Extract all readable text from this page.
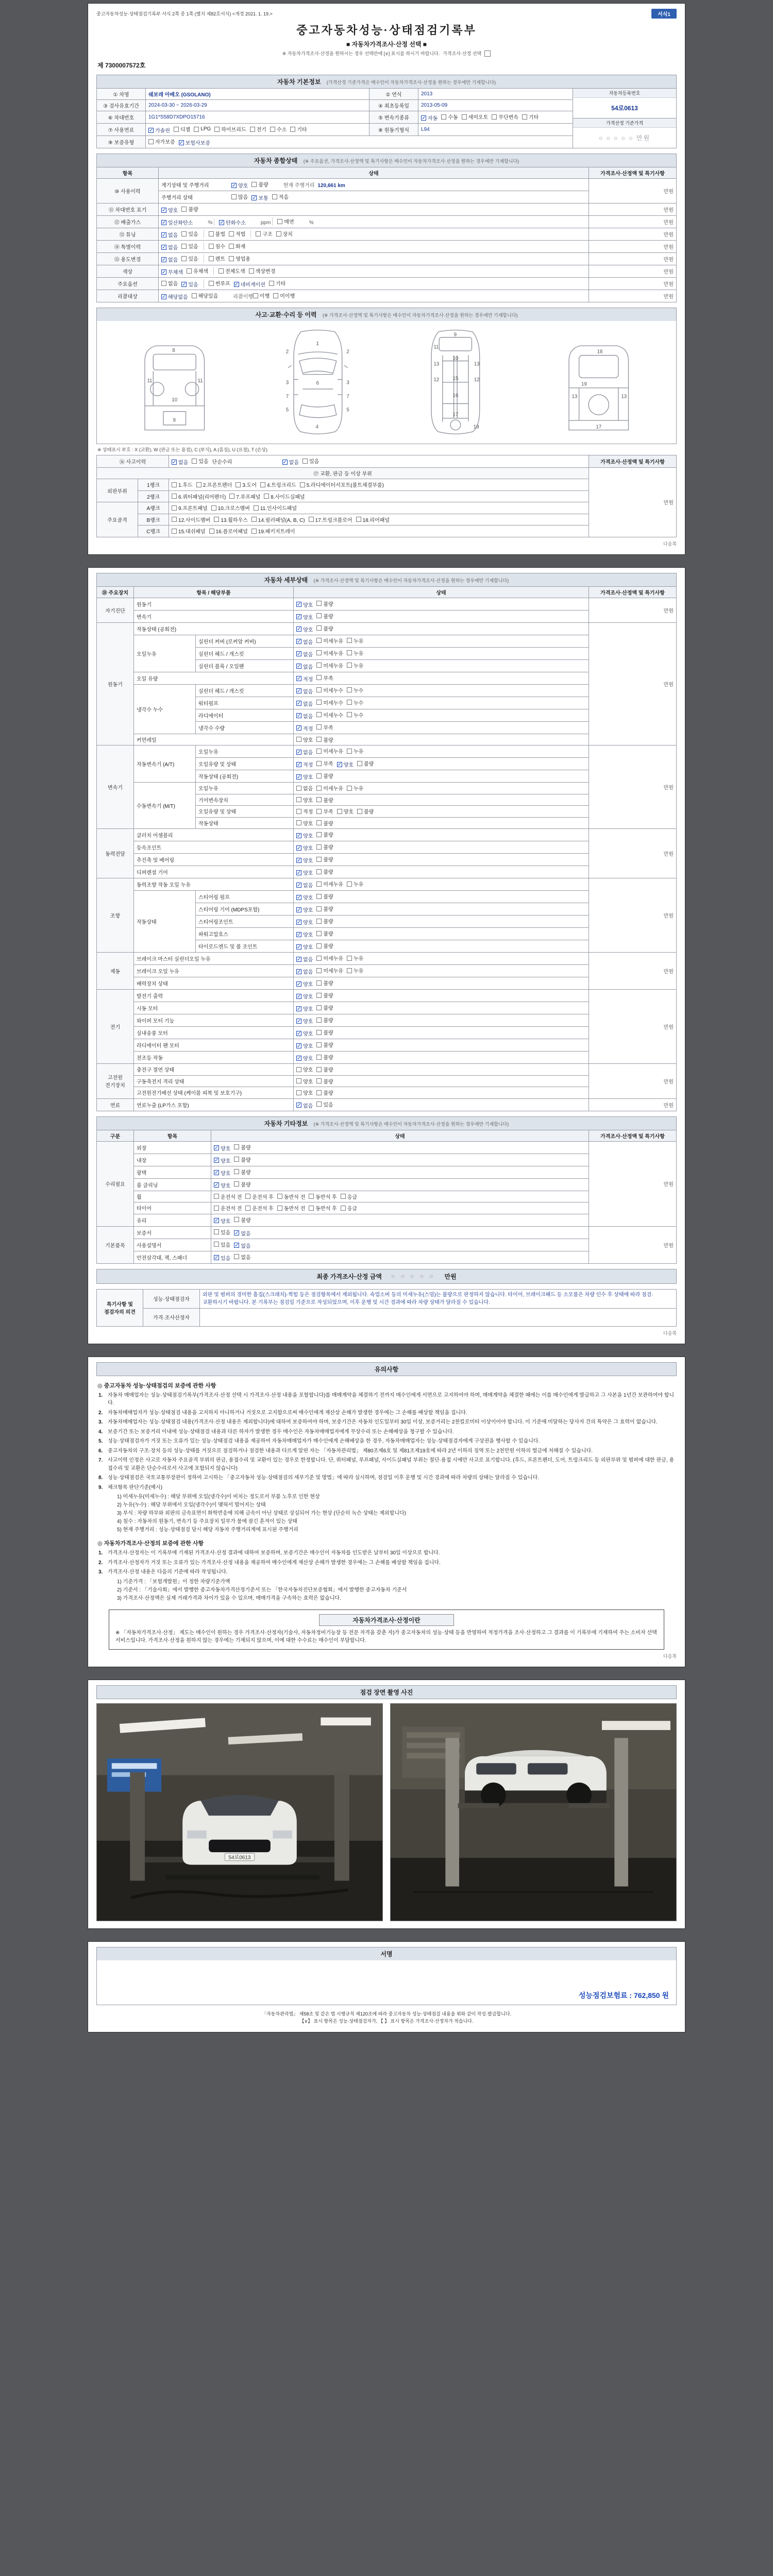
중고자동차성능·상태점검기록부 서식 2쪽 중 1쪽 (별지 제82호서식) <개정 2021. 1. 19.>	서식1
중고자동차성능·상태점검기록부
■ 자동차가격조사·산정 선택 ■
※ 자동차가격조사·산정을 원하시는 경우 선택란에 [∨] 표시를 하시기 바랍니다. 가격조사·산정 선택
제 7300007572호
자동차 기본정보 (가격산정 기준가격은 매수인이 자동차가격조사·산정을 원하는 경우에만 기재합니다)
① 차명	쉐보레 아베오 (GSOLANO)	② 연식	2013
③ 검사유효기간	2024-03-30 ~ 2026-03-29	④ 최초등록일	2013-05-09
⑥ 차대번호	1G1*S58D7XDPO15716	⑤ 변속기종류	✓ 자동 수동 세미오토 무단변속 기타

⑦ 사용연료	✓ 가솔린 디젤 LPG 하이브리드 전기 수소 기타	⑧ 원동기형식	L94
⑨ 보증유형	자가보증 ✓ 보험사보증		
자동차등록번호
54로0613
가격산정 기준가격
○ ○ ○ ○ ○
만원
자동차 종합상태 (※ 주요옵션, 가격조사·산정액 및 특기사항은 매수인이 자동차가격조사·산정을 원하는 경우에만 기재합니다)
항목	상태	가격조사·산정액 및 특기사항
⑩ 사용이력	계기상태 및 주행거리 ✓ 양호 불량 현재 주행거리 120,661 km	만원
	주행거리 상태 많음 ✓ 보통 적음	

⑪ 차대번호 표기	✓ 양호 불량	만원
⑫ 배출가스	✓ 일산화탄소	% ✓ 탄화수소	ppm	매연	%	만원
⑬ 튜닝	✓ 없음 있음	불법 적법	구조 장치	만원
⑭ 특별이력	✓ 없음 있음 침수 화재	만원
⑮ 용도변경	✓ 없음 있음 렌트 영업용	만원
색상	✓ 무채색 유채색 전체도색 색상변경	만원
주요옵션	없음 ✓ 있음	썬루프 ✓ 네비게이션 기타	만원
리콜대상	✓ 해당없음 해당있음	리콜이행 이행 미이행	만원
사고·교환·수리 등 이력 (※ 가격조사·산정액 및 특기사항은 매수인이 자동차가격조사·산정을 원하는 경우에만 기재합니다)
8
11	11
10
9
1
6
4
2	2
3	3
5	5
7	7
9
10
11
12	12
13	13
15
16
17
19
18
13	13
17
19
※ 상태표시 부호 : X (교환), W (판금 또는 용접), C (부식), A (흠집), U (요철), T (손상)
⑯ 사고이력	✓ 없음 있음 단순수리	✓ 없음 있음	가격조사·산정액 및 특기사항
⑰ 교환, 판금 등 이상 부위			만원
외판부위	1랭크	1.후드 2.프론트펜더 3.도어 4.트렁크리드 5.라디에이터서포트(볼트체결부품)	

	2랭크	6.쿼터패널(리어펜더) 7.루프패널 8.사이드실패널	

주요골격	A랭크	9.프론트패널 10.크로스멤버 11.인사이드패널	

	B랭크	12.사이드멤버 13.휠하우스 14.필러패널(A, B, C) 17.트렁크플로어 18.리어패널	

	C랭크	15.대쉬패널 16.플로어패널 19.패키지트레이	
다음쪽
자동차 세부상태 (※ 가격조사·산정액 및 특기사항은 매수인이 자동차가격조사·산정을 원하는 경우에만 기재합니다)
⑱ 주요장치	항목 / 해당부품		상태	가격조사·산정액 및 특기사항
자기진단	원동기		✓ 양호 불량	만원
	변속기		✓ 양호 불량	

원동기	작동상태 (공회전)		✓ 양호 불량	만원
	오일누유	실린더 커버 (로커암 커버)	✓ 없음 미세누유 누유	

		실린더 헤드 / 개스킷	✓ 없음 미세누유 누유	

		실린더 블록 / 오일팬	✓ 없음 미세누유 누유	

	오일 유량		✓ 적정 부족	

	냉각수 누수	실린더 헤드 / 개스킷	✓ 없음 미세누수 누수	

		워터펌프	✓ 없음 미세누수 누수	

		라디에이터	✓ 없음 미세누수 누수	

		냉각수 수량	✓ 적정 부족	

	커먼레일		양호 불량	

변속기	자동변속기 (A/T)	오일누유	✓ 없음 미세누유 누유	만원
오일유량 및 상태	✓ 적정 부족 ✓ 양호 불량

		작동상태 (공회전)	✓ 양호 불량	

	수동변속기 (M/T)	오일누유	없음 미세누유 누유	

		기어변속장치	양호 불량	

		오일유량 및 상태	적정 부족 양호 불량	

		작동상태	양호 불량	

동력전달	클러치 어셈블리		✓ 양호 불량	만원
	등속조인트		✓ 양호 불량	

	추진축 및 베어링		✓ 양호 불량	

	디퍼렌셜 기어		✓ 양호 불량	

조향	동력조향 작동 오일 누유		✓ 없음 미세누유 누유	만원
	작동상태	스티어링 펌프	✓ 양호 불량	

		스티어링 기어 (MDPS포함)	✓ 양호 불량	

		스티어링조인트	✓ 양호 불량	

		파워고압호스	✓ 양호 불량	

		타이로드엔드 및 볼 조인트	✓ 양호 불량	

제동	브레이크 마스터 실린더오일 누유		✓ 없음 미세누유 누유	만원
	브레이크 오일 누유		✓ 없음 미세누유 누유	

	배력장치 상태		✓ 양호 불량	

전기	발전기 출력		✓ 양호 불량	만원
	시동 모터		✓ 양호 불량	

	와이퍼 모터 기능		✓ 양호 불량	

	실내송풍 모터		✓ 양호 불량	

	라디에이터 팬 모터		✓ 양호 불량	

	전조등 작동		✓ 양호 불량	

고전원 전기장치	충전구 절연 상태		양호 불량	만원
	구동축전지 격리 상태		양호 불량	

	고전원전기배선 상태 (케이블 피복 및 보호기구)		양호 불량	

연료	연료누출 (LP가스 포함)		✓ 없음 있음	만원
자동차 기타정보 (※ 가격조사·산정액 및 특기사항은 매수인이 자동차가격조사·산정을 원하는 경우에만 기재합니다)
구분	항목	상태	가격조사·산정액 및 특기사항
수리필요	외장	✓ 양호 불량	만원
	내장	✓ 양호 불량	

	광택	✓ 양호 불량	

	룸 클리닝	✓ 양호 불량	

	휠	운전석 전 운전석 후 동반석 전 동반석 후 응급	

	타이어	운전석 전 운전석 후 동반석 전 동반석 후 응급	

	유리	✓ 양호 불량	

기본품목	보증서	있음 ✓ 없음	만원
	사용설명서	있음 ✓ 없음	

	안전삼각대, 잭, 스패너	✓ 있음 없음	
최종 가격조사·산정 금액 ○ ○ ○ ○ ○ 만원
특기사항 및 점검자의 의견	성능·상태점검자	외판 및 범퍼의 경미한 흠집(스크래치)·찍힘 등은 점검항목에서 제외됩니다. 쇽업소버 등의 미세누유(스밈)는 불량으로 판정하지 않습니다. 타이어, 브레이크패드 등 소모품은 차량 인수 후 상태에 따라 점검·교환하시기 바랍니다. 본 기록부는 점검일 기준으로 작성되었으며, 이후 운행 및 시간 경과에 따라 차량 상태가 달라질 수 있습니다.
	가격·조사산정자	
다음쪽
유의사항
◎ 중고자동차 성능·상태점검의 보증에 관한 사항
1. 자동차 매매업자는 성능·상태점검기록부(가격조사·산정 선택 시 가격조사·산정 내용을 포함합니다)를 매매계약을 체결하기 전까지 매수인에게 서면으로 고지하여야 하며, 매매계약을 체결한 때에는 이를 매수인에게 발급하고 그 사본을 1년간 보관하여야 합니다.
2. 자동차매매업자가 성능·상태점검 내용을 고지하지 아니하거나 거짓으로 고지함으로써 매수인에게 재산상 손해가 발생한 경우에는 그 손해를 배상할 책임을 집니다.
3. 자동차매매업자는 성능·상태점검 내용(가격조사·산정 내용은 제외합니다)에 대하여 보증하여야 하며, 보증기간은 자동차 인도일부터 30일 이상, 보증거리는 2천킬로미터 이상이어야 합니다. 이 기준에 미달하는 당사자 간의 특약은 그 효력이 없습니다.
4. 보증기간 또는 보증거리 이내에 성능·상태점검 내용과 다른 하자가 발생한 경우 매수인은 자동차매매업자에게 무상수리 또는 손해배상을 청구할 수 있습니다.
5. 성능·상태점검자가 거짓 또는 오류가 있는 성능·상태점검 내용을 제공하여 자동차매매업자가 매수인에게 손해배상을 한 경우, 자동차매매업자는 성능·상태점검자에게 구상권을 행사할 수 있습니다.
6. 중고자동차의 구조·장치 등의 성능·상태를 거짓으로 점검하거나 점검한 내용과 다르게 알린 자는 「자동차관리법」 제80조제6호 및 제81조제19호에 따라 2년 이하의 징역 또는 2천만원 이하의 벌금에 처해질 수 있습니다.
7. 사고이력 인정은 사고로 자동차 주요골격 부위의 판금, 용접수리 및 교환이 있는 경우로 한정합니다. 단, 쿼터패널, 루프패널, 사이드실패널 부위는 절단·용접 시에만 사고로 표기합니다. (후드, 프론트펜더, 도어, 트렁크리드 등 외판부위 및 범퍼에 대한 판금, 용접수리 및 교환은 단순수리로서 사고에 포함되지 않습니다)
8. 성능·상태점검은 국토교통부장관이 정하여 고시하는 「중고자동차 성능·상태점검의 세부기준 및 방법」에 따라 실시하며, 점검일 이후 운행 및 시간 경과에 따라 차량의 상태는 달라질 수 있습니다.
9. 체크항목 판단기준(예시)
1) 미세누유(미세누수) : 해당 부위에 오일(냉각수)이 비치는 정도로서 부품 노후로 인한 현상
2) 누유(누수) : 해당 부위에서 오일(냉각수)이 맺혀서 떨어지는 상태
3) 부식 : 차량 하부와 외판의 금속표면이 화학반응에 의해 금속이 아닌 상태로 상실되어 가는 현상 (단순히 녹슨 상태는 제외합니다)
4) 침수 : 자동차의 원동기, 변속기 등 주요장치 일부가 물에 잠긴 흔적이 있는 상태
5) 현재 주행거리 : 성능·상태점검 당시 해당 자동차 주행거리계에 표시된 주행거리
◎ 자동차가격조사·산정의 보증에 관한 사항
1. 가격조사·산정자는 이 기록부에 기재된 가격조사·산정 결과에 대하여 보증하며, 보증기간은 매수인이 자동차를 인도받은 날부터 30일 이상으로 합니다.
2. 가격조사·산정자가 거짓 또는 오류가 있는 가격조사·산정 내용을 제공하여 매수인에게 재산상 손해가 발생한 경우에는 그 손해를 배상할 책임을 집니다.
3. 가격조사·산정 내용은 다음의 기준에 따라 작성됩니다.
1) 기준가격 : 「보험개발원」이 정한 차량기준가액
2) 기준서 : 「기술사회」에서 발행한 중고자동차가격산정기준서 또는 「한국자동차진단보증협회」에서 발행한 중고자동차 기준서
3) 가격조사·산정액은 실제 거래가격과 차이가 있을 수 있으며, 매매가격을 구속하는 효력은 없습니다.
자동차가격조사·산정이란
※ 「자동차가격조사·산정」 제도는 매수인이 원하는 경우 가격조사·산정자(기술사, 자동차정비기능장 등 전문 자격을 갖춘 자)가 중고자동차의 성능·상태 등을 반영하여 적정가격을 조사·산정하고 그 결과를 이 기록부에 기재하여 주는 소비자 선택 서비스입니다. 가격조사·산정을 원하지 않는 경우에는 기재되지 않으며, 이에 대한 수수료는 매수인이 부담합니다.
다음쪽
점검 장면 촬영 사진
54로0613
서명
성능점검보험료 : 762,850 원
「자동차관리법」 제58조 및 같은 법 시행규칙 제120조에 따라 중고자동차 성능·상태점검 내용을 위와 같이 작성·발급합니다.
【∨】 표시 항목은 성능·상태점검자가, 【 】 표시 항목은 가격조사·산정자가 적습니다.
